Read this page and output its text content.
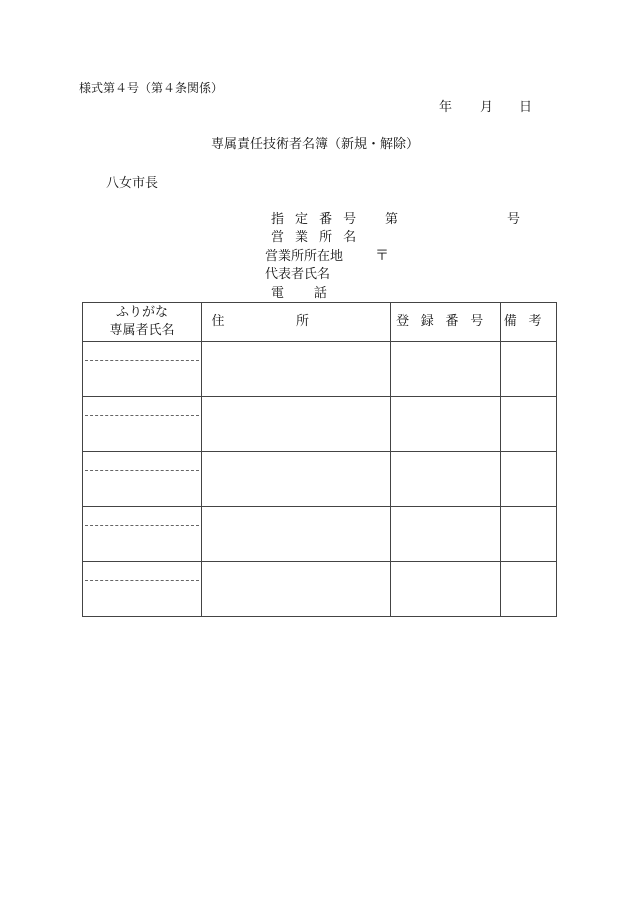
様式第４号（第４条関係）
年 月 日
専属責任技術者名簿（新規・解除）
八女市長
指定番号 第	号
営業所名
営業所所在地 〒
代表者氏名
電話
ふりがな
専属者氏名	住所	登録番号	備考
